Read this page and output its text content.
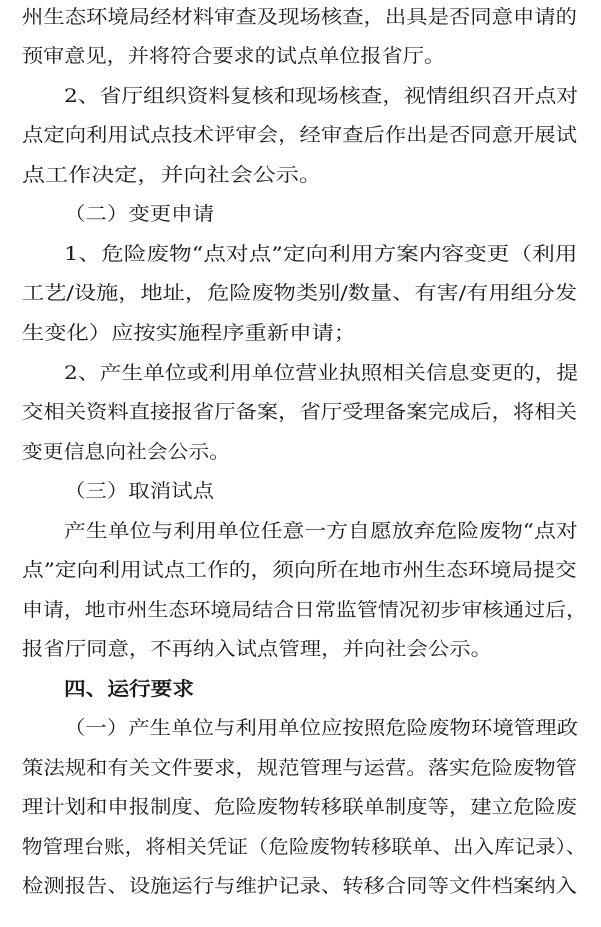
州生态环境局经材料审查及现场核查，出具是否同意申请的
预审意见，并将符合要求的试点单位报省厅。
2、省厅组织资料复核和现场核查，视情组织召开点对
点定向利用试点技术评审会，经审查后作出是否同意开展试
点工作决定，并向社会公示。
（二）变更申请
1、危险废物“点对点”定向利用方案内容变更（利用
工艺/设施，地址，危险废物类别/数量、有害/有用组分发
生变化）应按实施程序重新申请；
2、产生单位或利用单位营业执照相关信息变更的，提
交相关资料直接报省厅备案，省厅受理备案完成后，将相关
变更信息向社会公示。
（三）取消试点
产生单位与利用单位任意一方自愿放弃危险废物“点对
点”定向利用试点工作的，须向所在地市州生态环境局提交
申请，地市州生态环境局结合日常监管情况初步审核通过后，
报省厅同意，不再纳入试点管理，并向社会公示。
四、运行要求
（一）产生单位与利用单位应按照危险废物环境管理政
策法规和有关文件要求，规范管理与运营。落实危险废物管
理计划和申报制度、危险废物转移联单制度等，建立危险废
物管理台账，将相关凭证（危险废物转移联单、出入库记录）、
检测报告、设施运行与维护记录、转移合同等文件档案纳入
